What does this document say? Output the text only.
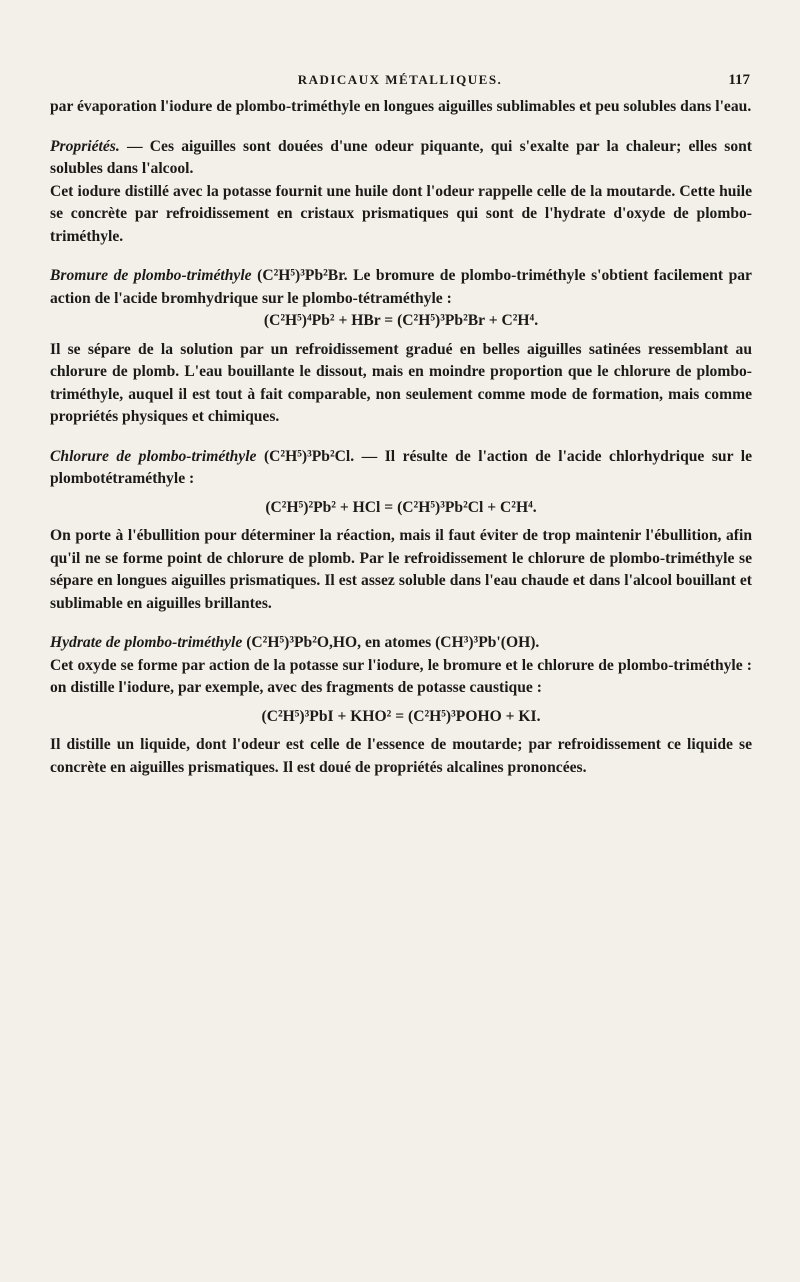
RADICAUX MÉTALLIQUES.	117

par évaporation l'iodure de plombo-triméthyle en longues aiguilles sublimables et peu solubles dans l'eau.

Propriétés. — Ces aiguilles sont douées d'une odeur piquante, qui s'exalte par la chaleur; elles sont solubles dans l'alcool.

Cet iodure distillé avec la potasse fournit une huile dont l'odeur rappelle celle de la moutarde. Cette huile se concrète par refroidissement en cristaux prismatiques qui sont de l'hydrate d'oxyde de plombo-triméthyle.

Bromure de plombo-triméthyle (C²H⁵)³Pb²Br. Le bromure de plombo-triméthyle s'obtient facilement par action de l'acide bromhydrique sur le plombo-tétraméthyle :

(C²H⁵)⁴Pb² + HBr = (C²H⁵)³Pb²Br + C²H⁴.

Il se sépare de la solution par un refroidissement gradué en belles aiguilles satinées ressemblant au chlorure de plomb. L'eau bouillante le dissout, mais en moindre proportion que le chlorure de plombo-triméthyle, auquel il est tout à fait comparable, non seulement comme mode de formation, mais comme propriétés physiques et chimiques.

Chlorure de plombo-triméthyle (C²H⁵)³Pb²Cl. — Il résulte de l'action de l'acide chlorhydrique sur le plombotétraméthyle :

(C²H⁵)²Pb² + HCl = (C²H⁵)³Pb²Cl + C²H⁴.

On porte à l'ébullition pour déterminer la réaction, mais il faut éviter de trop maintenir l'ébullition, afin qu'il ne se forme point de chlorure de plomb. Par le refroidissement le chlorure de plombo-triméthyle se sépare en longues aiguilles prismatiques. Il est assez soluble dans l'eau chaude et dans l'alcool bouillant et sublimable en aiguilles brillantes.

Hydrate de plombo-triméthyle (C²H⁵)³Pb²O,HO, en atomes (CH³)³Pb'(OH).

Cet oxyde se forme par action de la potasse sur l'iodure, le bromure et le chlorure de plombo-triméthyle : on distille l'iodure, par exemple, avec des fragments de potasse caustique :

(C²H⁵)³PbI + KHO² = (C²H⁵)³POHO + KI.

Il distille un liquide, dont l'odeur est celle de l'essence de moutarde; par refroidissement ce liquide se concrète en aiguilles prismatiques. Il est doué de propriétés alcalines prononcées.
